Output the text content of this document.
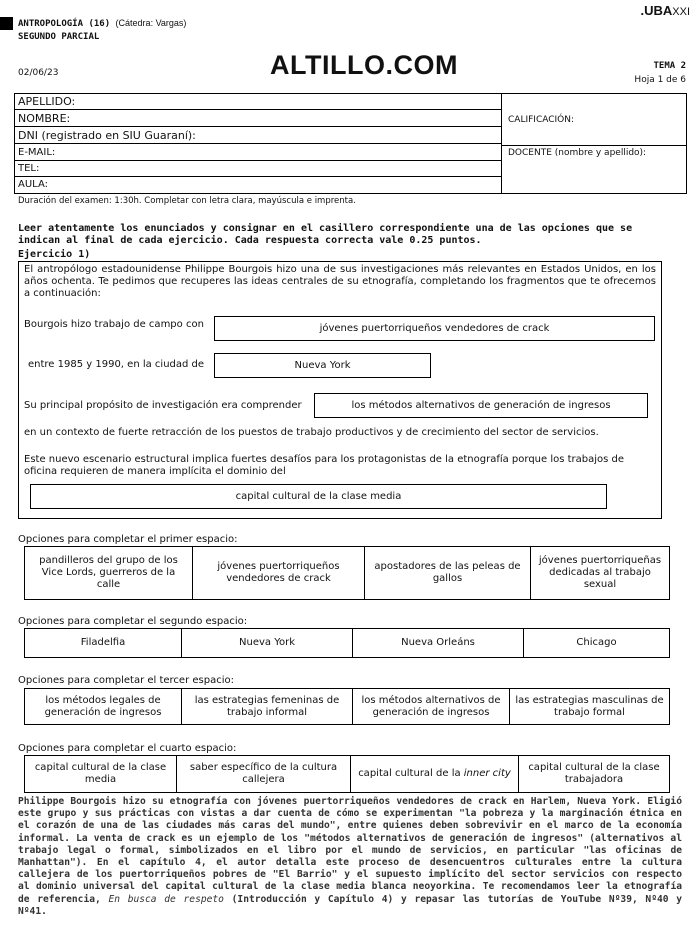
.UBAXXI
ANTROPOLOGÍA (16) (Cátedra: Vargas)
SEGUNDO PARCIAL
02/06/23	ALTILLO.COM	TEMA 2
Hoja 1 de 6
APELLIDO:
NOMBRE:
DNI (registrado en SIU Guaraní):
E-MAIL:
TEL:
AULA:
CALIFICACIÓN:
DOCENTE (nombre y apellido):
Duración del examen: 1:30h. Completar con letra clara, mayúscula e imprenta.
Leer atentamente los enunciados y consignar en el casillero correspondiente una de las opciones que se indican al final de cada ejercicio. Cada respuesta correcta vale 0.25 puntos.
Ejercicio 1)
El antropólogo estadounidense Philippe Bourgois hizo una de sus investigaciones más relevantes en Estados Unidos, en los años ochenta. Te pedimos que recuperes las ideas centrales de su etnografía, completando los fragmentos que te ofrecemos a continuación:
Bourgois hizo trabajo de campo con	jóvenes puertorriqueños vendedores de crack
entre 1985 y 1990, en la ciudad de	Nueva York
Su principal propósito de investigación era comprender	los métodos alternativos de generación de ingresos
en un contexto de fuerte retracción de los puestos de trabajo productivos y de crecimiento del sector de servicios.
Este nuevo escenario estructural implica fuertes desafíos para los protagonistas de la etnografía porque los trabajos de oficina requieren de manera implícita el dominio del
capital cultural de la clase media
Opciones para completar el primer espacio:
pandilleros del grupo de los Vice Lords, guerreros de la calle
jóvenes puertorriqueños vendedores de crack
apostadores de las peleas de gallos
jóvenes puertorriqueñas dedicadas al trabajo sexual
Opciones para completar el segundo espacio:
Filadelfia	Nueva York	Nueva Orleáns	Chicago
Opciones para completar el tercer espacio:
los métodos legales de generación de ingresos
las estrategias femeninas de trabajo informal
los métodos alternativos de generación de ingresos
las estrategias masculinas de trabajo formal
Opciones para completar el cuarto espacio:
capital cultural de la clase media
saber específico de la cultura callejera
capital cultural de la inner city
capital cultural de la clase trabajadora
Philippe Bourgois hizo su etnografía con jóvenes puertorriqueños vendedores de crack en Harlem, Nueva York. Eligió este grupo y sus prácticas con vistas a dar cuenta de cómo se experimentan "la pobreza y la marginación étnica en el corazón de una de las ciudades más caras del mundo", entre quienes deben sobrevivir en el marco de la economía informal. La venta de crack es un ejemplo de los "métodos alternativos de generación de ingresos" (alternativos al trabajo legal o formal, simbolizados en el libro por el mundo de servicios, en particular "las oficinas de Manhattan"). En el capítulo 4, el autor detalla este proceso de desencuentros culturales entre la cultura callejera de los puertorriqueños pobres de "El Barrio" y el supuesto implícito del sector servicios con respecto al dominio universal del capital cultural de la clase media blanca neoyorkina. Te recomendamos leer la etnografía de referencia, En busca de respeto (Introducción y Capítulo 4) y repasar las tutorías de YouTube Nº39, Nº40 y Nº41.
